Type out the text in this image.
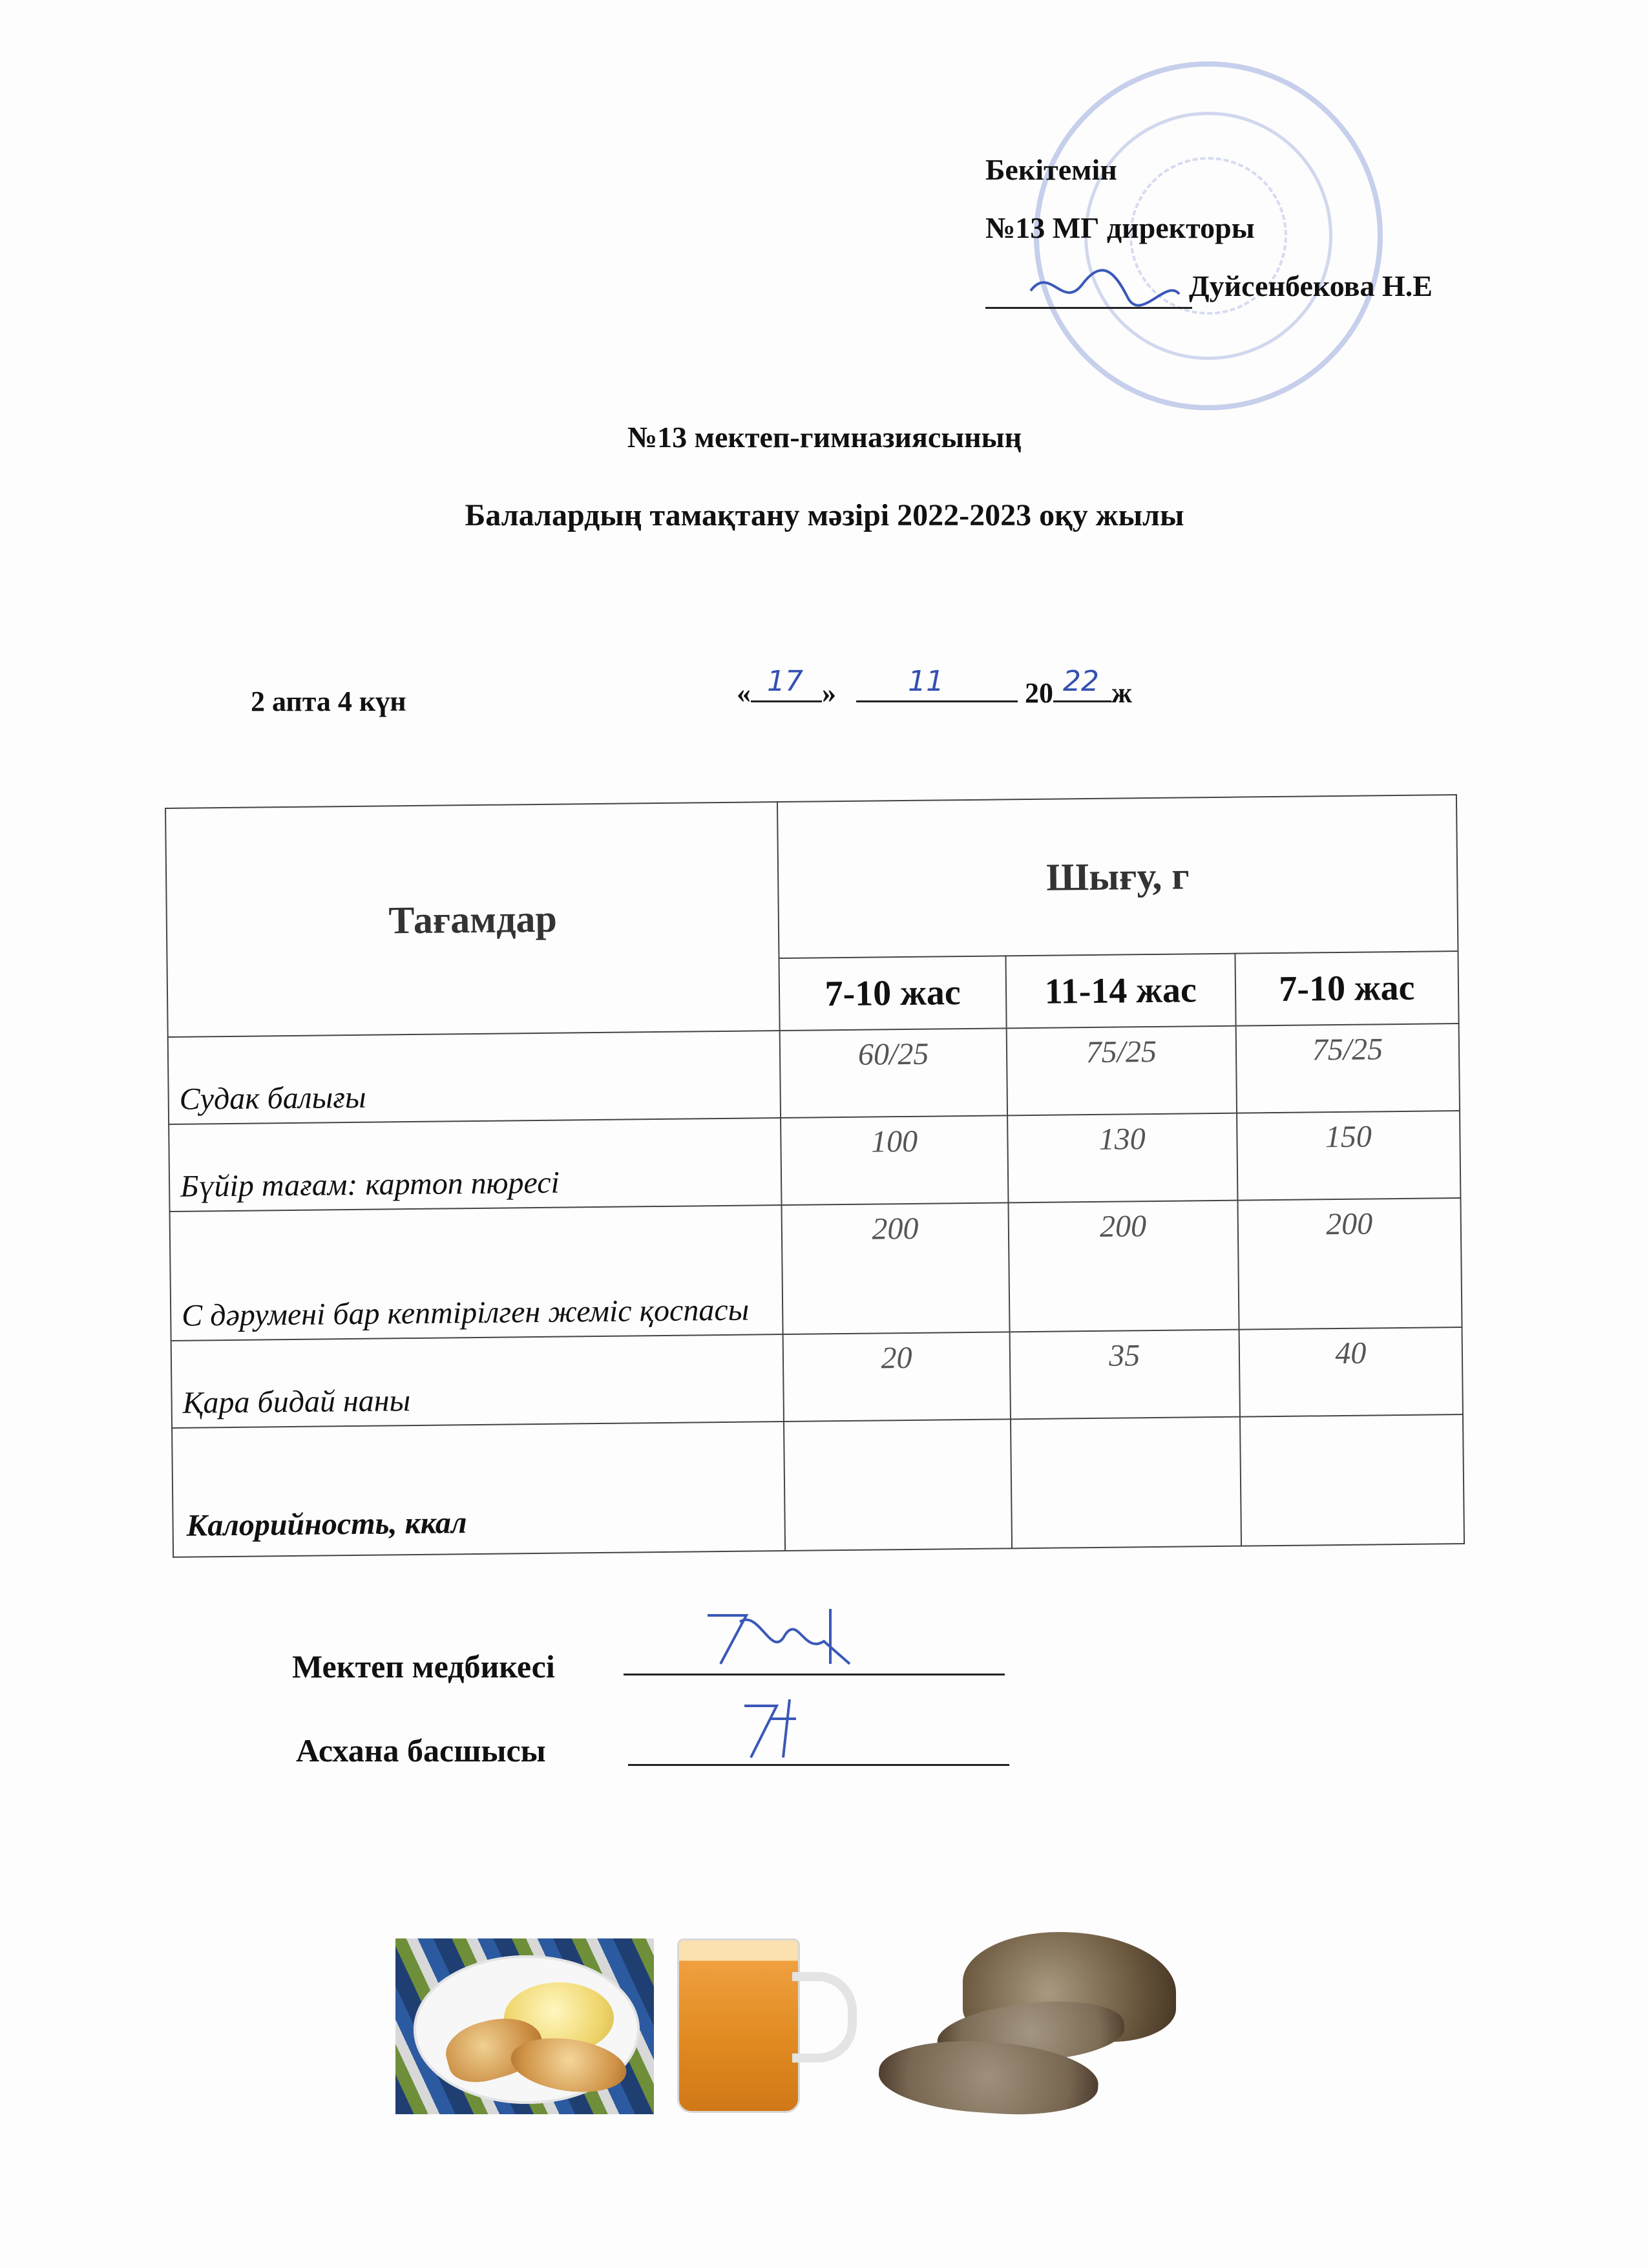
Бекітемін
№13 МГ директоры
Дуйсенбекова Н.Е
№13 мектеп-гимназиясының
Балалардың тамақтану мәзірі 2022-2023 оқу жылы
2 апта 4 күн	« 17 »	11	20 22 ж
Тағамдар	Шығу, г		
	7-10 жас	11-14 жас	7-10 жас
Судак балығы	60/25	75/25	75/25
Бүйір тағам: картоп пюресі	100	130	150
С дәрумені бар кептірілген жеміс қоспасы	200	200	200
Қара бидай наны	20	35	40
Калорийность, ккал			
Мектеп медбикесі
Асхана басшысы
